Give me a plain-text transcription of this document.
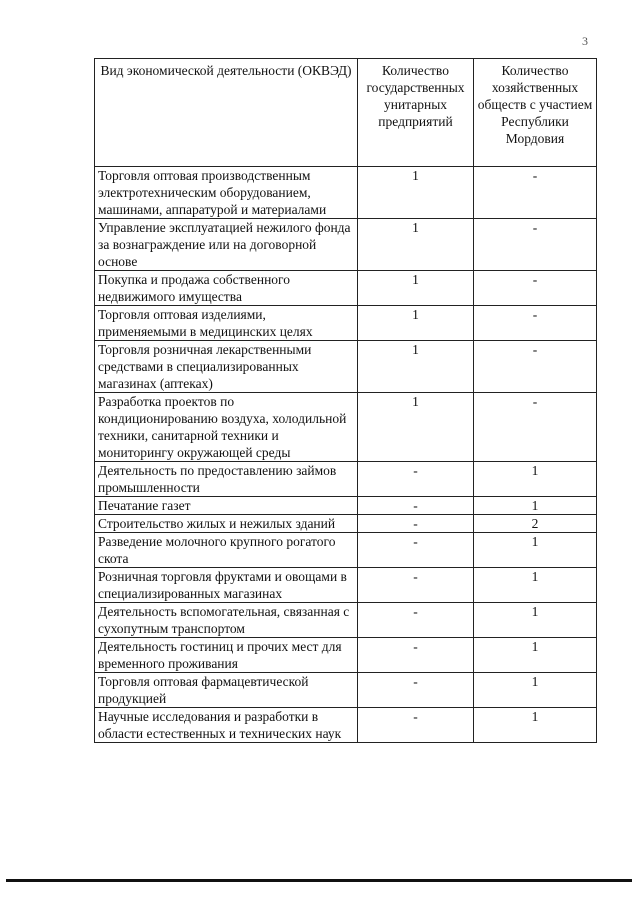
3
Вид экономической деятельности (ОКВЭД)	Количество государственных унитарных предприятий	Количество хозяйственных обществ с участием Республики Мордовия
Торговля оптовая производственным электротехническим оборудованием, машинами, аппаратурой и материалами	1	-
Управление эксплуатацией нежилого фонда за вознаграждение или на договорной основе	1	-
Покупка и продажа собственного недвижимого имущества	1	-
Торговля оптовая изделиями, применяемыми в медицинских целях	1	-
Торговля розничная лекарственными средствами в специализированных магазинах (аптеках)	1	-
Разработка проектов по кондиционированию воздуха, холодильной техники, санитарной техники и мониторингу окружающей среды	1	-
Деятельность по предоставлению займов промышленности	-	1
Печатание газет	-	1
Строительство жилых и нежилых зданий	-	2
Разведение молочного крупного рогатого скота	-	1
Розничная торговля фруктами и овощами в специализированных магазинах	-	1
Деятельность вспомогательная, связанная с сухопутным транспортом	-	1
Деятельность гостиниц и прочих мест для временного проживания	-	1
Торговля оптовая фармацевтической продукцией	-	1
Научные исследования и разработки в области естественных и технических наук	-	1
